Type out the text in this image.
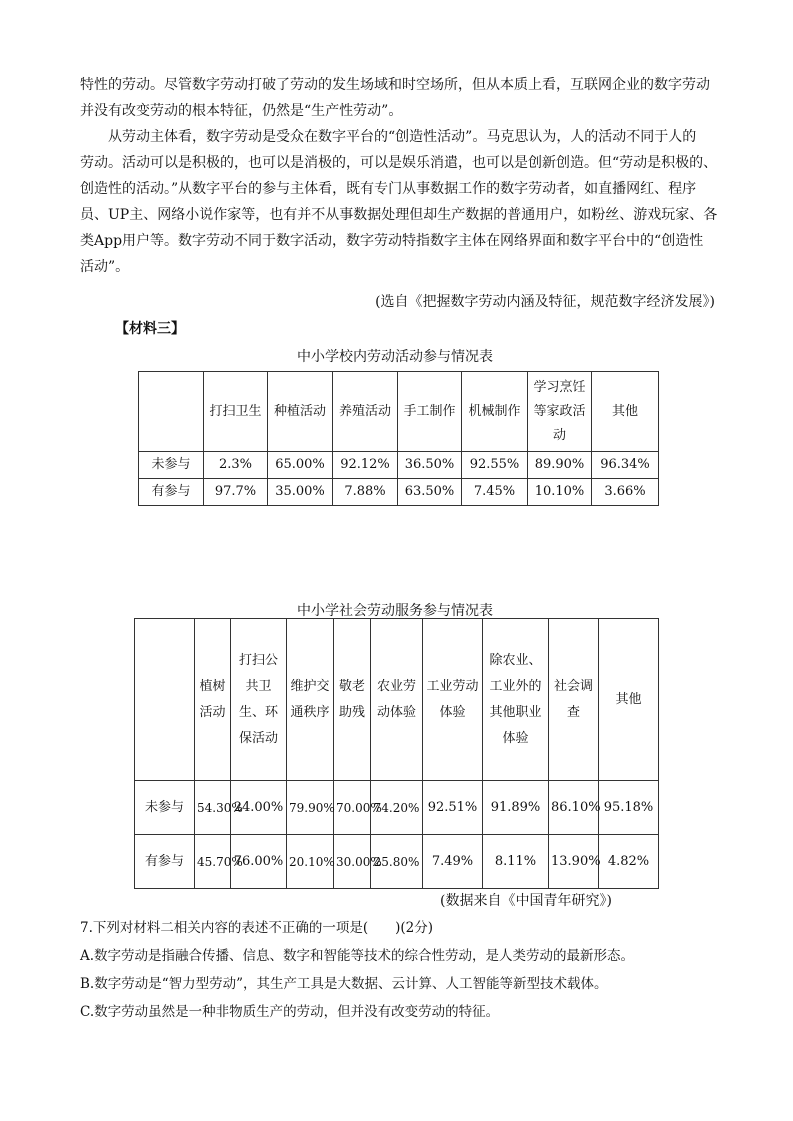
特性的劳动。尽管数字劳动打破了劳动的发生场域和时空场所，但从本质上看，互联网企业的数字劳动
并没有改变劳动的根本特征，仍然是“生产性劳动”。
从劳动主体看，数字劳动是受众在数字平台的“创造性活动”。马克思认为，人的活动不同于人的
劳动。活动可以是积极的，也可以是消极的，可以是娱乐消遣，也可以是创新创造。但“劳动是积极的、
创造性的活动。”从数字平台的参与主体看，既有专门从事数据工作的数字劳动者，如直播网红、程序
员、UP主、网络小说作家等，也有并不从事数据处理但却生产数据的普通用户，如粉丝、游戏玩家、各
类App用户等。数字劳动不同于数字活动，数字劳动特指数字主体在网络界面和数字平台中的“创造性
活动”。
(选自《把握数字劳动内涵及特征，规范数字经济发展》)
【材料三】
中小学校内劳动活动参与情况表
	打扫卫生	种植活动	养殖活动	手工制作	机械制作	学习烹饪等家政活动	其他
未参与	2.3%	65.00%	92.12%	36.50%	92.55%	89.90%	96.34%
有参与	97.7%	35.00%	7.88%	63.50%	7.45%	10.10%	3.66%
中小学社会劳动服务参与情况表
	植树活动	打扫公共卫生、环保活动	维护交通秩序	敬老助残	农业劳动体验	工业劳动体验	除农业、工业外的其他职业体验	社会调查	其他
未参与	54.30%	24.00%	79.90%	70.00%	74.20%	92.51%	91.89%	86.10%	95.18%
有参与	45.70%	76.00%	20.10%	30.00%	25.80%	7.49%	8.11%	13.90%	4.82%
(数据来自《中国青年研究》)
7.下列对材料二相关内容的表述不正确的一项是(　　)(2分)
A.数字劳动是指融合传播、信息、数字和智能等技术的综合性劳动，是人类劳动的最新形态。
B.数字劳动是“智力型劳动”，其生产工具是大数据、云计算、人工智能等新型技术载体。
C.数字劳动虽然是一种非物质生产的劳动，但并没有改变劳动的特征。
